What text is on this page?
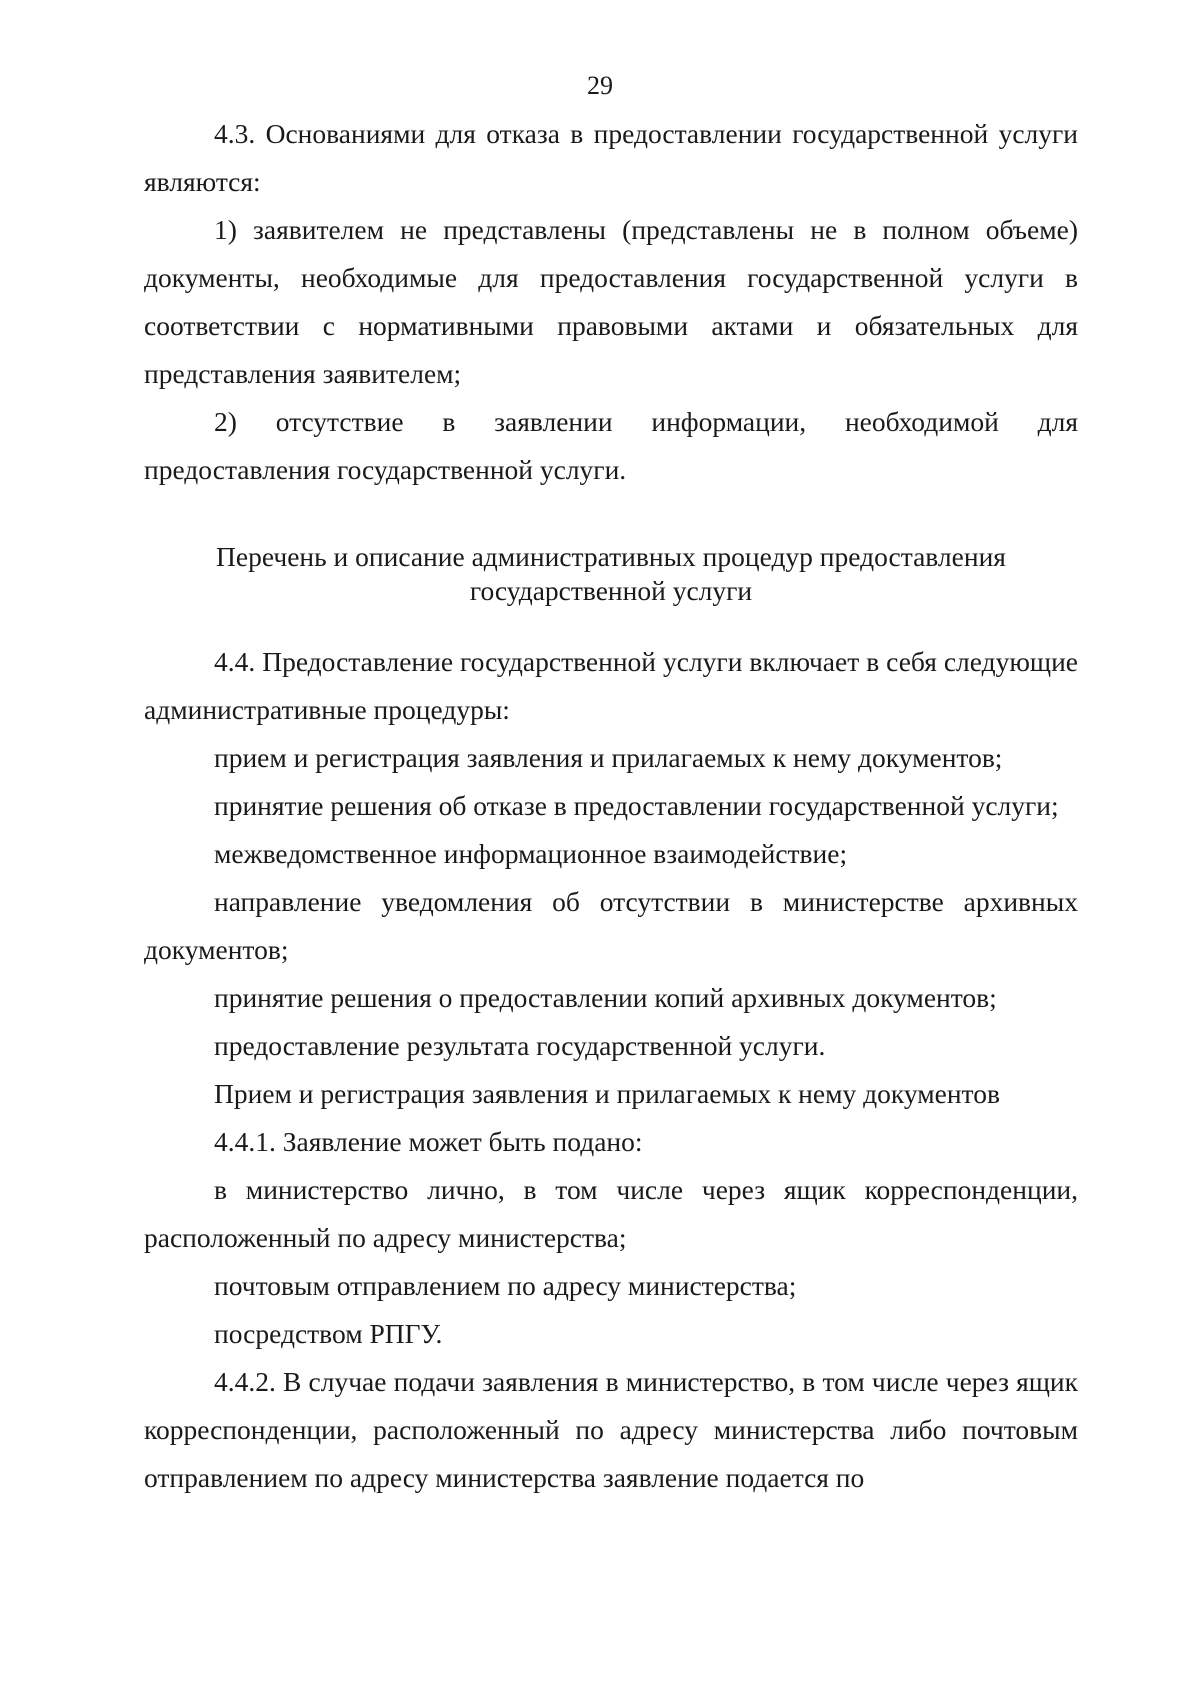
29

4.3. Основаниями для отказа в предоставлении государственной услуги являются:

1) заявителем не представлены (представлены не в полном объеме) документы, необходимые для предоставления государственной услуги в соответствии с нормативными правовыми актами и обязательных для представления заявителем;

2) отсутствие в заявлении информации, необходимой для предоставления государственной услуги.

Перечень и описание административных процедур предоставления государственной услуги

4.4. Предоставление государственной услуги включает в себя следующие административные процедуры:

прием и регистрация заявления и прилагаемых к нему документов;

принятие решения об отказе в предоставлении государственной услуги;

межведомственное информационное взаимодействие;

направление уведомления об отсутствии в министерстве архивных документов;

принятие решения о предоставлении копий архивных документов;

предоставление результата государственной услуги.

Прием и регистрация заявления и прилагаемых к нему документов

4.4.1. Заявление может быть подано:

в министерство лично, в том числе через ящик корреспонденции, расположенный по адресу министерства;

почтовым отправлением по адресу министерства;

посредством РПГУ.

4.4.2. В случае подачи заявления в министерство, в том числе через ящик корреспонденции, расположенный по адресу министерства либо почтовым отправлением по адресу министерства заявление подается по
